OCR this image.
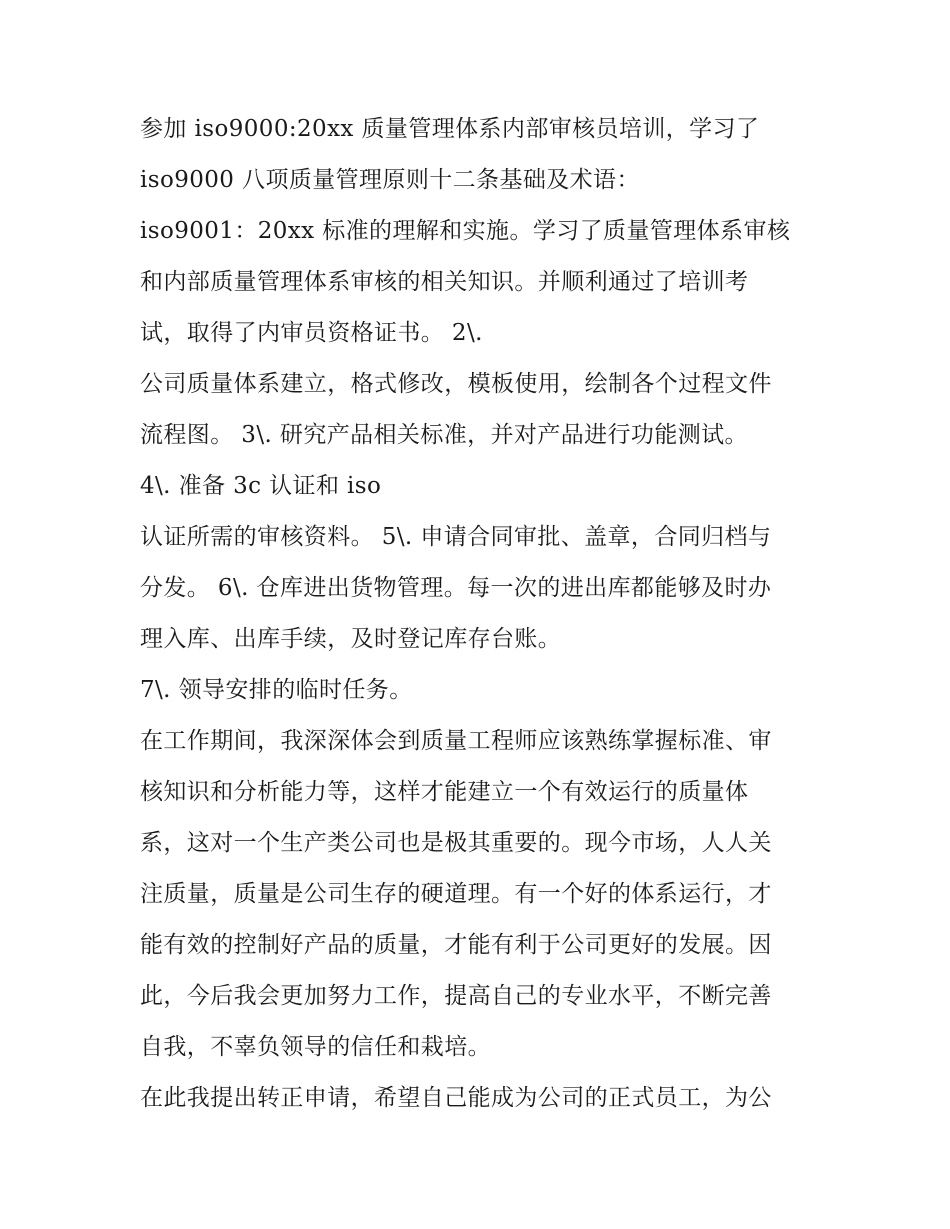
参加 iso9000:20xx 质量管理体系内部审核员培训，学习了
iso9000 八项质量管理原则十二条基础及术语：
iso9001：20xx 标准的理解和实施。学习了质量管理体系审核
和内部质量管理体系审核的相关知识。并顺利通过了培训考
试，取得了内审员资格证书。 2\.
公司质量体系建立，格式修改，模板使用，绘制各个过程文件
流程图。 3\. 研究产品相关标准，并对产品进行功能测试。
4\. 准备 3c 认证和 iso
认证所需的审核资料。 5\. 申请合同审批、盖章，合同归档与
分发。 6\. 仓库进出货物管理。每一次的进出库都能够及时办
理入库、出库手续，及时登记库存台账。
7\. 领导安排的临时任务。
在工作期间，我深深体会到质量工程师应该熟练掌握标准、审
核知识和分析能力等，这样才能建立一个有效运行的质量体
系，这对一个生产类公司也是极其重要的。现今市场，人人关
注质量，质量是公司生存的硬道理。有一个好的体系运行，才
能有效的控制好产品的质量，才能有利于公司更好的发展。因
此，今后我会更加努力工作，提高自己的专业水平，不断完善
自我，不辜负领导的信任和栽培。
在此我提出转正申请，希望自己能成为公司的正式员工，为公
